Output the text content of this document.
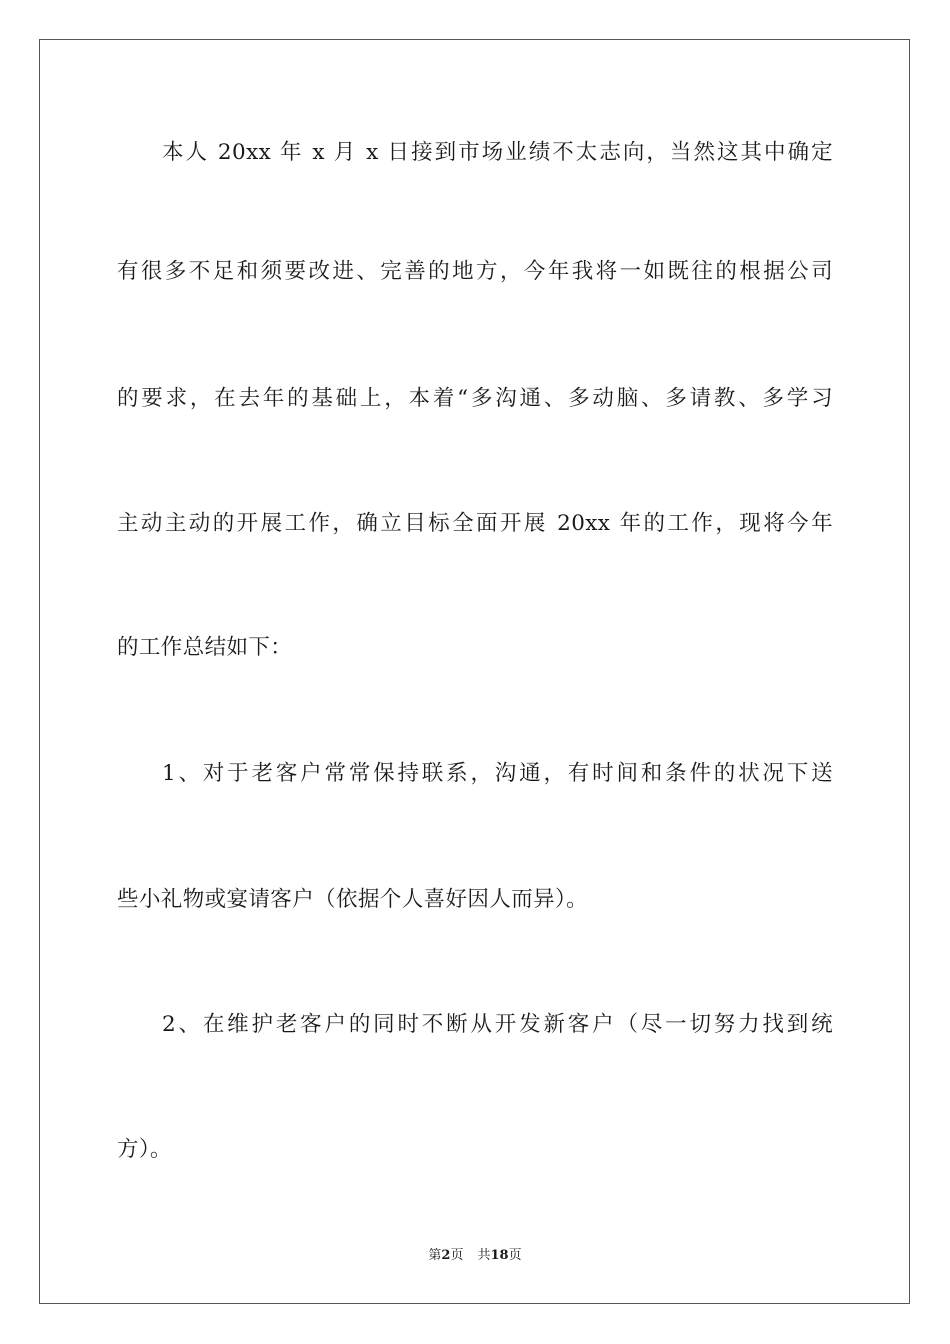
本人 20xx 年 x 月 x 日接到市场业绩不太志向，当然这其中确定
有很多不足和须要改进、完善的地方，今年我将一如既往的根据公司
的要求，在去年的基础上，本着“多沟通、多动脑、多请教、多学习
主动主动的开展工作，确立目标全面开展 20xx 年的工作，现将今年
的工作总结如下：
1、对于老客户常常保持联系，沟通，有时间和条件的状况下送
些小礼物或宴请客户（依据个人喜好因人而异）。
2、在维护老客户的同时不断从开发新客户（尽一切努力找到统
方）。
第2页 共18页
